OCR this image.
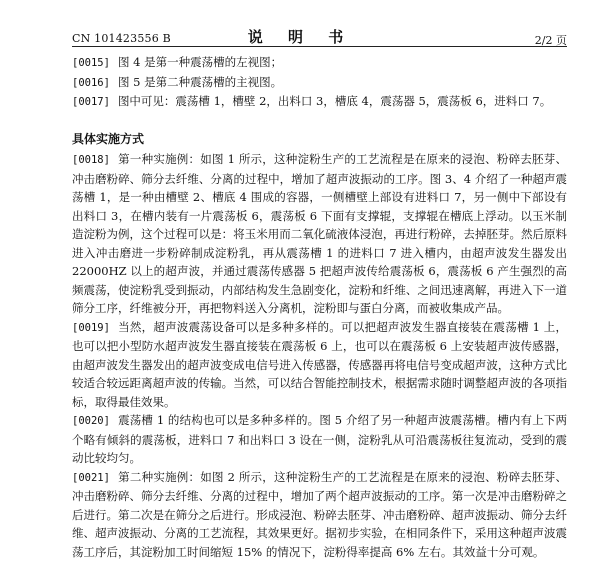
CN 101423556 B	说 明 书	2/2 页

[0015] 图 4 是第一种震荡槽的左视图；

[0016] 图 5 是第二种震荡槽的主视图。

[0017] 图中可见：震荡槽 1，槽壁 2，出料口 3，槽底 4，震荡器 5，震荡板 6，进料口 7。

具体实施方式

[0018] 第一种实施例：如图 1 所示，这种淀粉生产的工艺流程是在原来的浸泡、粉碎去胚芽、冲击磨粉碎、筛分去纤维、分离的过程中，增加了超声波振动的工序。图 3、4 介绍了一种超声震荡槽 1，是一种由槽壁 2、槽底 4 围成的容器，一侧槽壁上部设有进料口 7，另一侧中下部设有出料口 3，在槽内装有一片震荡板 6，震荡板 6 下面有支撑辊，支撑辊在槽底上浮动。以玉米制造淀粉为例，这个过程可以是：将玉米用而二氧化硫液体浸泡，再进行粉碎，去掉胚芽。然后原料进入冲击磨进一步粉碎制成淀粉乳，再从震荡槽 1 的进料口 7 进入槽内，由超声波发生器发出 22000HZ 以上的超声波，并通过震荡传感器 5 把超声波传给震荡板 6，震荡板 6 产生强烈的高频震荡，使淀粉乳受到振动，内部结构发生急剧变化，淀粉和纤维、之间迅速离解，再进入下一道筛分工序，纤维被分开，再把物料送入分离机，淀粉即与蛋白分离，而被收集成产品。

[0019] 当然，超声波震荡设备可以是多种多样的。可以把超声波发生器直接装在震荡槽 1 上，也可以把小型防水超声波发生器直接装在震荡板 6 上，也可以在震荡板 6 上安装超声波传感器，由超声波发生器发出的超声波变成电信号进入传感器，传感器再将电信号变成超声波，这种方式比较适合较远距离超声波的传输。当然，可以结合智能控制技术，根据需求随时调整超声波的各项指标，取得最佳效果。

[0020] 震荡槽 1 的结构也可以是多种多样的。图 5 介绍了另一种超声波震荡槽。槽内有上下两个略有倾斜的震荡板，进料口 7 和出料口 3 设在一侧，淀粉乳从可沿震荡板往复流动，受到的震动比较均匀。

[0021] 第二种实施例：如图 2 所示，这种淀粉生产的工艺流程是在原来的浸泡、粉碎去胚芽、冲击磨粉碎、筛分去纤维、分离的过程中，增加了两个超声波振动的工序。第一次是冲击磨粉碎之后进行。第二次是在筛分之后进行。形成浸泡、粉碎去胚芽、冲击磨粉碎、超声波振动、筛分去纤维、超声波振动、分离的工艺流程，其效果更好。据初步实验，在相同条件下，采用这种超声波震荡工序后，其淀粉加工时间缩短 15% 的情况下，淀粉得率提高 6% 左右。其效益十分可观。
